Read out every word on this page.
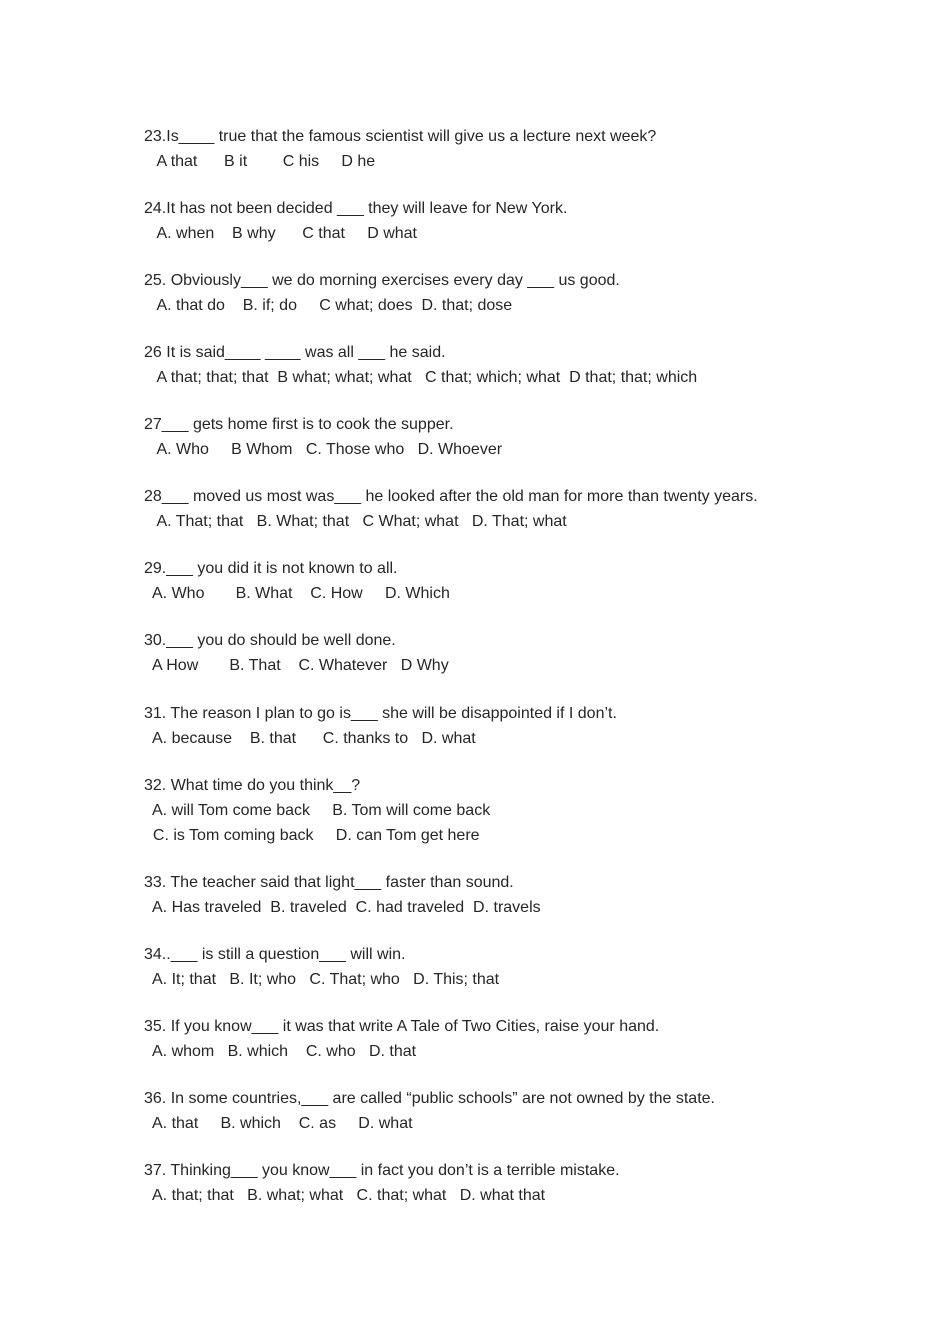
23.Is____ true that the famous scientist will give us a lecture next week?
A that      B it        C his     D he
24.It has not been decided ___ they will leave for New York.
A. when    B why      C that     D what
25. Obviously___ we do morning exercises every day ___ us good.
A. that do    B. if; do     C what; does  D. that; dose
26 It is said____ ____ was all ___ he said.
A that; that; that  B what; what; what   C that; which; what  D that; that; which
27___ gets home first is to cook the supper.
A. Who     B Whom   C. Those who   D. Whoever
28___ moved us most was___ he looked after the old man for more than twenty years.
A. That; that   B. What; that   C What; what   D. That; what
29.___ you did it is not known to all.
A. Who       B. What    C. How     D. Which
30.___ you do should be well done.
A How       B. That    C. Whatever   D Why
31. The reason I plan to go is___ she will be disappointed if I don’t.
A. because    B. that      C. thanks to   D. what
32. What time do you think__?
A. will Tom come back     B. Tom will come back
C. is Tom coming back     D. can Tom get here
33. The teacher said that light___ faster than sound.
A. Has traveled  B. traveled  C. had traveled  D. travels
34..___ is still a question___ will win.
A. It; that   B. It; who   C. That; who   D. This; that
35. If you know___ it was that write A Tale of Two Cities, raise your hand.
A. whom   B. which    C. who   D. that
36. In some countries,___ are called “public schools” are not owned by the state.
A. that     B. which    C. as     D. what
37. Thinking___ you know___ in fact you don’t is a terrible mistake.
A. that; that   B. what; what   C. that; what   D. what that
